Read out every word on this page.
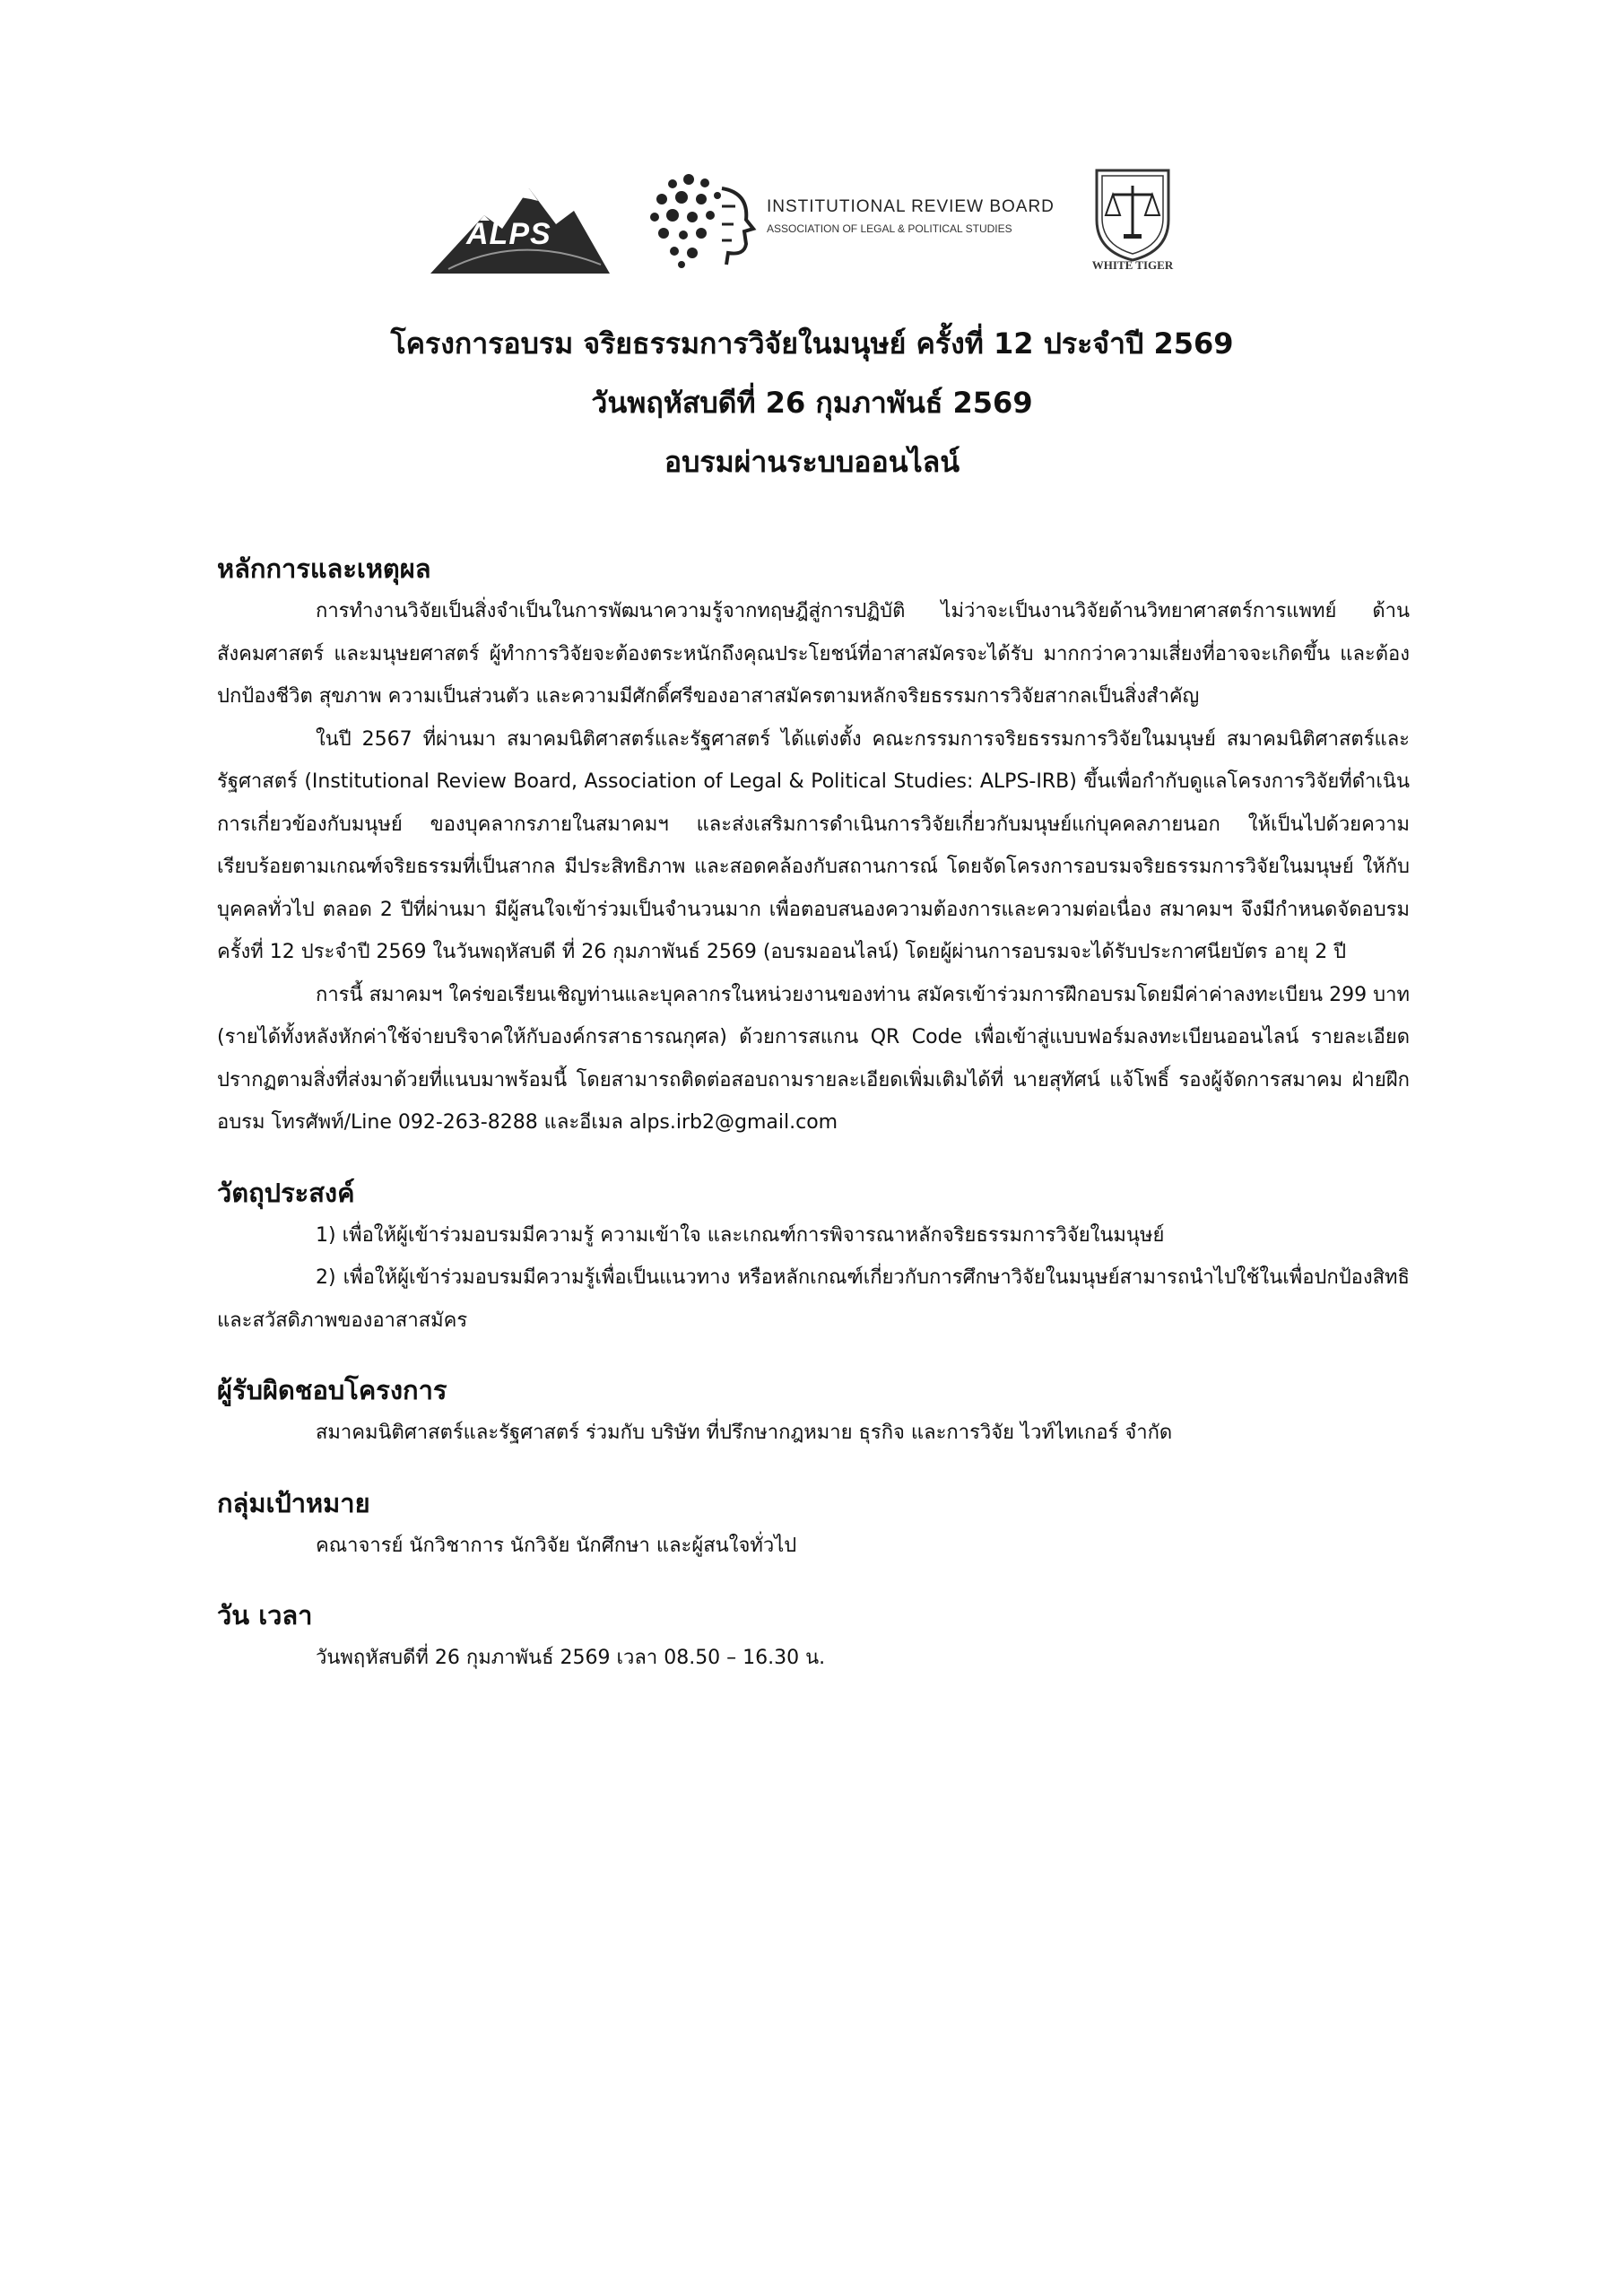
ALPS
INSTITUTIONAL REVIEW BOARD
ASSOCIATION OF LEGAL & POLITICAL STUDIES
WHITE TIGER
โครงการอบรม จริยธรรมการวิจัยในมนุษย์ ครั้งที่ 12 ประจำปี 2569
วันพฤหัสบดีที่ 26 กุมภาพันธ์ 2569
อบรมผ่านระบบออนไลน์
หลักการและเหตุผล

การทำงานวิจัยเป็นสิ่งจำเป็นในการพัฒนาความรู้จากทฤษฎีสู่การปฏิบัติ ไม่ว่าจะเป็นงานวิจัยด้านวิทยาศาสตร์การแพทย์ ด้านสังคมศาสตร์ และมนุษยศาสตร์ ผู้ทำการวิจัยจะต้องตระหนักถึงคุณประโยชน์ที่อาสาสมัครจะได้รับ มากกว่าความเสี่ยงที่อาจจะเกิดขึ้น และต้องปกป้องชีวิต สุขภาพ ความเป็นส่วนตัว และความมีศักดิ์ศรีของอาสาสมัครตามหลักจริยธรรมการวิจัยสากลเป็นสิ่งสำคัญ

ในปี 2567 ที่ผ่านมา สมาคมนิติศาสตร์และรัฐศาสตร์ ได้แต่งตั้ง คณะกรรมการจริยธรรมการวิจัยในมนุษย์ สมาคมนิติศาสตร์และรัฐศาสตร์ (Institutional Review Board, Association of Legal & Political Studies: ALPS-IRB) ขึ้นเพื่อกำกับดูแลโครงการวิจัยที่ดำเนินการเกี่ยวข้องกับมนุษย์ ของบุคลากรภายในสมาคมฯ และส่งเสริมการดำเนินการวิจัยเกี่ยวกับมนุษย์แก่บุคคลภายนอก ให้เป็นไปด้วยความเรียบร้อยตามเกณฑ์จริยธรรมที่เป็นสากล มีประสิทธิภาพ และสอดคล้องกับสถานการณ์ โดยจัดโครงการอบรมจริยธรรมการวิจัยในมนุษย์ ให้กับบุคคลทั่วไป ตลอด 2 ปีที่ผ่านมา มีผู้สนใจเข้าร่วมเป็นจำนวนมาก เพื่อตอบสนองความต้องการและความต่อเนื่อง สมาคมฯ จึงมีกำหนดจัดอบรมครั้งที่ 12 ประจำปี 2569 ในวันพฤหัสบดี ที่ 26 กุมภาพันธ์ 2569 (อบรมออนไลน์) โดยผู้ผ่านการอบรมจะได้รับประกาศนียบัตร อายุ 2 ปี

การนี้ สมาคมฯ ใคร่ขอเรียนเชิญท่านและบุคลากรในหน่วยงานของท่าน สมัครเข้าร่วมการฝึกอบรมโดยมีค่าค่าลงทะเบียน 299 บาท (รายได้ทั้งหลังหักค่าใช้จ่ายบริจาคให้กับองค์กรสาธารณกุศล) ด้วยการสแกน QR Code เพื่อเข้าสู่แบบฟอร์มลงทะเบียนออนไลน์ รายละเอียดปรากฏตามสิ่งที่ส่งมาด้วยที่แนบมาพร้อมนี้ โดยสามารถติดต่อสอบถามรายละเอียดเพิ่มเติมได้ที่ นายสุทัศน์ แจ้โพธิ์ รองผู้จัดการสมาคม ฝ่ายฝึกอบรม โทรศัพท์/Line 092-263-8288 และอีเมล alps.irb2@gmail.com

วัตถุประสงค์

1) เพื่อให้ผู้เข้าร่วมอบรมมีความรู้ ความเข้าใจ และเกณฑ์การพิจารณาหลักจริยธรรมการวิจัยในมนุษย์

2) เพื่อให้ผู้เข้าร่วมอบรมมีความรู้เพื่อเป็นแนวทาง หรือหลักเกณฑ์เกี่ยวกับการศึกษาวิจัยในมนุษย์สามารถนำไปใช้ในเพื่อปกป้องสิทธิ และสวัสดิภาพของอาสาสมัคร

ผู้รับผิดชอบโครงการ

สมาคมนิติศาสตร์และรัฐศาสตร์ ร่วมกับ บริษัท ที่ปรึกษากฎหมาย ธุรกิจ และการวิจัย ไวท์ไทเกอร์ จำกัด

กลุ่มเป้าหมาย

คณาจารย์ นักวิชาการ นักวิจัย นักศึกษา และผู้สนใจทั่วไป

วัน เวลา

วันพฤหัสบดีที่ 26 กุมภาพันธ์ 2569 เวลา 08.50 – 16.30 น.
